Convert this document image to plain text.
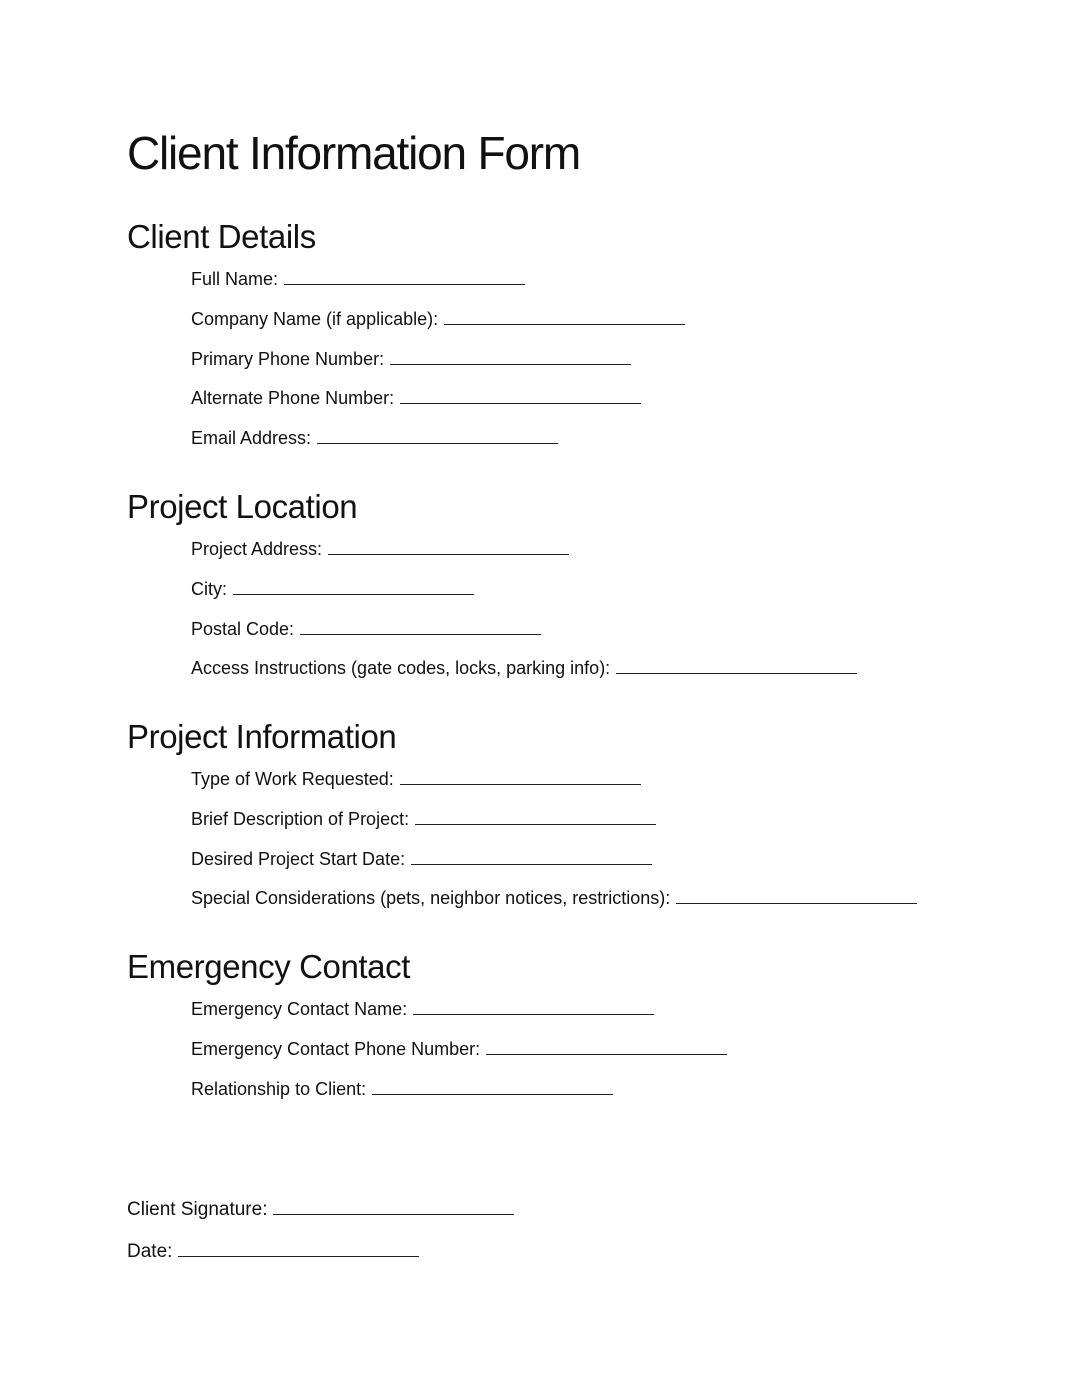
Client Information Form
Client Details
Full Name:
Company Name (if applicable):
Primary Phone Number:
Alternate Phone Number:
Email Address:
Project Location
Project Address:
City:
Postal Code:
Access Instructions (gate codes, locks, parking info):
Project Information
Type of Work Requested:
Brief Description of Project:
Desired Project Start Date:
Special Considerations (pets, neighbor notices, restrictions):
Emergency Contact
Emergency Contact Name:
Emergency Contact Phone Number:
Relationship to Client:
Client Signature:
Date:
